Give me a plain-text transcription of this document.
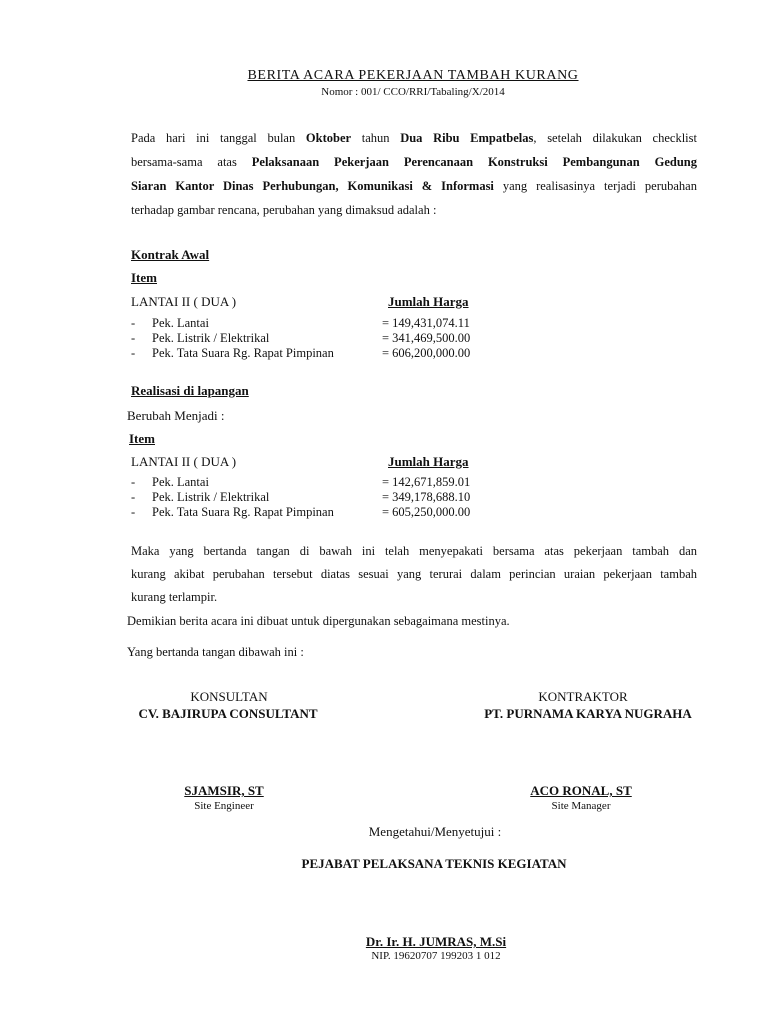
BERITA ACARA PEKERJAAN TAMBAH KURANG
Nomor : 001/ CCO/RRI/Tabaling/X/2014
Pada hari ini tanggal bulan Oktober tahun Dua Ribu Empatbelas, setelah dilakukan checklist
bersama-sama atas Pelaksanaan Pekerjaan Perencanaan Konstruksi Pembangunan Gedung
Siaran Kantor Dinas Perhubungan, Komunikasi & Informasi yang realisasinya terjadi perubahan
terhadap gambar rencana, perubahan yang dimaksud adalah :
Kontrak Awal
Item
LANTAI II ( DUA )	Jumlah Harga
- Pek. Lantai	= 149,431,074.11
- Pek. Listrik / Elektrikal	= 341,469,500.00
- Pek. Tata Suara Rg. Rapat Pimpinan	= 606,200,000.00
Realisasi di lapangan
Berubah Menjadi :
Item
LANTAI II ( DUA )	Jumlah Harga
- Pek. Lantai	= 142,671,859.01
- Pek. Listrik / Elektrikal	= 349,178,688.10
- Pek. Tata Suara Rg. Rapat Pimpinan	= 605,250,000.00
Maka yang bertanda tangan di bawah ini telah menyepakati bersama atas pekerjaan tambah dan
kurang akibat perubahan tersebut diatas sesuai yang terurai dalam perincian uraian pekerjaan tambah
kurang terlampir.
Demikian berita acara ini dibuat untuk dipergunakan sebagaimana mestinya.
Yang bertanda tangan dibawah ini :
KONSULTAN
CV. BAJIRUPA CONSULTANT
KONTRAKTOR
PT. PURNAMA KARYA NUGRAHA
SJAMSIR, ST
Site Engineer
ACO RONAL, ST
Site Manager
Mengetahui/Menyetujui :
PEJABAT PELAKSANA TEKNIS KEGIATAN
Dr. Ir. H. JUMRAS, M.Si
NIP. 19620707 199203 1 012
